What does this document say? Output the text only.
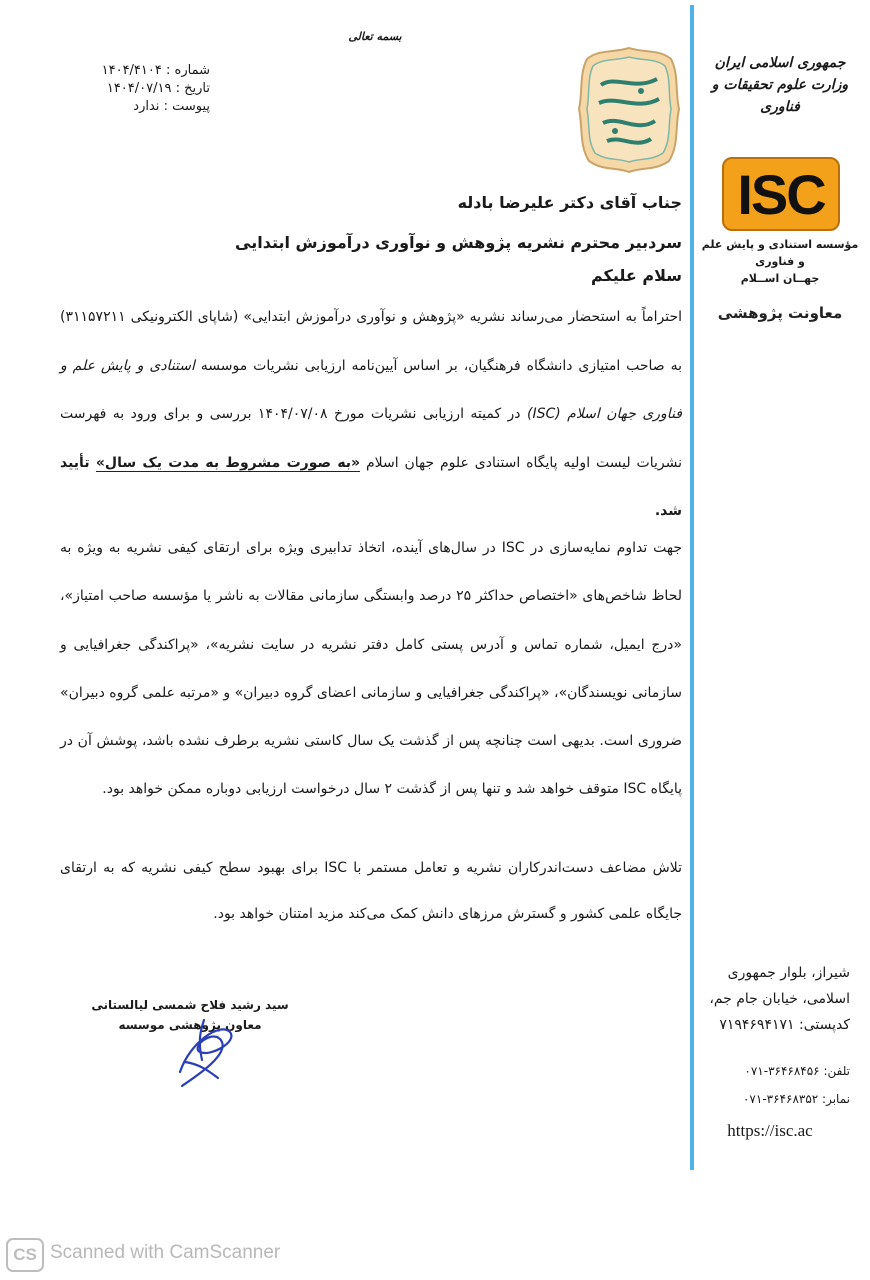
جمهوری اسلامی ایران
وزارت علوم تحقیقات و فناوری
ISC
مؤسسه استنادی و پایش علم و فناوری
جهــان اســلام
معاونت پژوهشی
شیراز، بلوار جمهوری
اسلامی، خیابان جام جم،
کدپستی: ۷۱۹۴۶۹۴۱۷۱
تلفن: ۳۶۴۶۸۴۵۶-۰۷۱
نمابر: ۳۶۴۶۸۳۵۲-۰۷۱
https://isc.ac
بسمه تعالی
شماره : ۱۴۰۴/۴۱۰۴
تاریخ : ۱۴۰۴/۰۷/۱۹
پیوست : ندارد
جناب آقای دکتر علیرضا بادله
سردبیر محترم نشریه پژوهش و نوآوری درآموزش ابتدایی
سلام علیکم

احتراماً به استحضار می‌رساند نشریه «پژوهش و نوآوری درآموزش ابتدایی» (شاپای الکترونیکی ۳۱۱۵۷۲۱۱) به صاحب امتیازی دانشگاه فرهنگیان، بر اساس آیین‌نامه ارزیابی نشریات موسسه استنادی و پایش علم و فناوری جهان اسلام (ISC) در کمیته ارزیابی نشریات مورخ ۱۴۰۴/۰۷/۰۸ بررسی و برای ورود به فهرست نشریات لیست اولیه پایگاه استنادی علوم جهان اسلام «به صورت مشروط به مدت یک سال» تأیید شد.

جهت تداوم نمایه‌سازی در ISC در سال‌های آینده، اتخاذ تدابیری ویژه برای ارتقای کیفی نشریه به ویژه به لحاظ شاخص‌های «اختصاص حداکثر ۲۵ درصد وابستگی سازمانی مقالات به ناشر یا مؤسسه صاحب امتیاز»، «درج ایمیل، شماره تماس و آدرس پستی کامل دفتر نشریه در سایت نشریه»، «پراکندگی جغرافیایی و سازمانی نویسندگان»، «پراکندگی جغرافیایی و سازمانی اعضای گروه دبیران» و «مرتبه علمی گروه دبیران» ضروری است. بدیهی است چنانچه پس از گذشت یک سال کاستی نشریه برطرف نشده باشد، پوشش آن در پایگاه ISC متوقف خواهد شد و تنها پس از گذشت ۲ سال درخواست ارزیابی دوباره ممکن خواهد بود.
تلاش مضاعف دست‌اندرکاران نشریه و تعامل مستمر با ISC برای بهبود سطح کیفی نشریه که به ارتقای جایگاه علمی کشور و گسترش مرزهای دانش کمک می‌کند مزید امتنان خواهد بود.
سید رشید فلاح شمسی لیالستانی
معاون پژوهشی موسسه
CS Scanned with CamScanner
